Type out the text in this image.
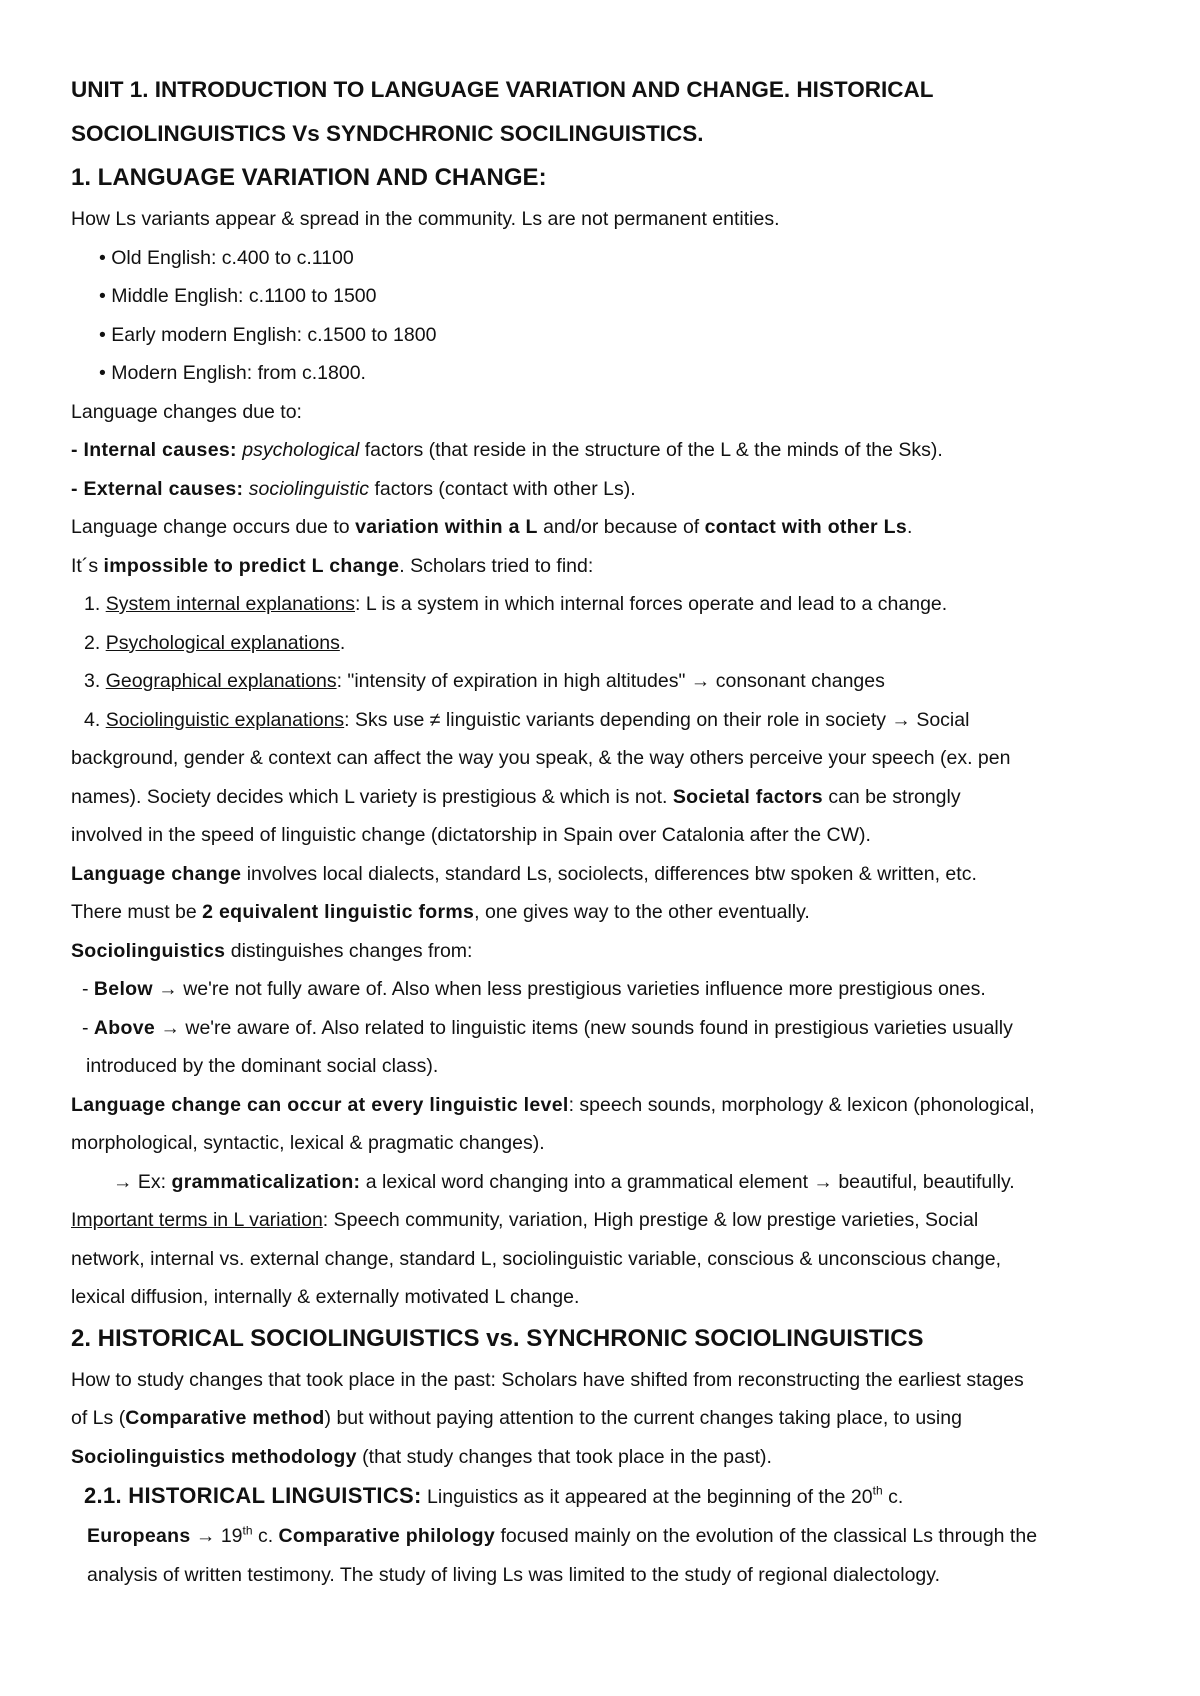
UNIT 1. INTRODUCTION TO LANGUAGE VARIATION AND CHANGE. HISTORICAL
SOCIOLINGUISTICS Vs SYNDCHRONIC SOCILINGUISTICS.
1. LANGUAGE VARIATION AND CHANGE:
How Ls variants appear & spread in the community. Ls are not permanent entities.
• Old English: c.400 to c.1100
• Middle English: c.1100 to 1500
• Early modern English: c.1500 to 1800
• Modern English: from c.1800.
Language changes due to:
- Internal causes: psychological factors (that reside in the structure of the L & the minds of the Sks).
- External causes: sociolinguistic factors (contact with other Ls).
Language change occurs due to variation within a L and/or because of contact with other Ls.
It´s impossible to predict L change. Scholars tried to find:
1. System internal explanations: L is a system in which internal forces operate and lead to a change.
2. Psychological explanations.
3. Geographical explanations: "intensity of expiration in high altitudes" → consonant changes
4. Sociolinguistic explanations: Sks use ≠ linguistic variants depending on their role in society → Social
background, gender & context can affect the way you speak, & the way others perceive your speech (ex. pen
names). Society decides which L variety is prestigious & which is not. Societal factors can be strongly
involved in the speed of linguistic change (dictatorship in Spain over Catalonia after the CW).
Language change involves local dialects, standard Ls, sociolects, differences btw spoken & written, etc.
There must be 2 equivalent linguistic forms, one gives way to the other eventually.
Sociolinguistics distinguishes changes from:
- Below → we're not fully aware of. Also when less prestigious varieties influence more prestigious ones.
- Above → we're aware of. Also related to linguistic items (new sounds found in prestigious varieties usually
introduced by the dominant social class).
Language change can occur at every linguistic level: speech sounds, morphology & lexicon (phonological,
morphological, syntactic, lexical & pragmatic changes).
→ Ex: grammaticalization: a lexical word changing into a grammatical element → beautiful, beautifully.
Important terms in L variation: Speech community, variation, High prestige & low prestige varieties, Social
network, internal vs. external change, standard L, sociolinguistic variable, conscious & unconscious change,
lexical diffusion, internally & externally motivated L change.
2. HISTORICAL SOCIOLINGUISTICS vs. SYNCHRONIC SOCIOLINGUISTICS
How to study changes that took place in the past: Scholars have shifted from reconstructing the earliest stages
of Ls (Comparative method) but without paying attention to the current changes taking place, to using
Sociolinguistics methodology (that study changes that took place in the past).
2.1. HISTORICAL LINGUISTICS: Linguistics as it appeared at the beginning of the 20th c.
Europeans → 19th c. Comparative philology focused mainly on the evolution of the classical Ls through the
analysis of written testimony. The study of living Ls was limited to the study of regional dialectology.
